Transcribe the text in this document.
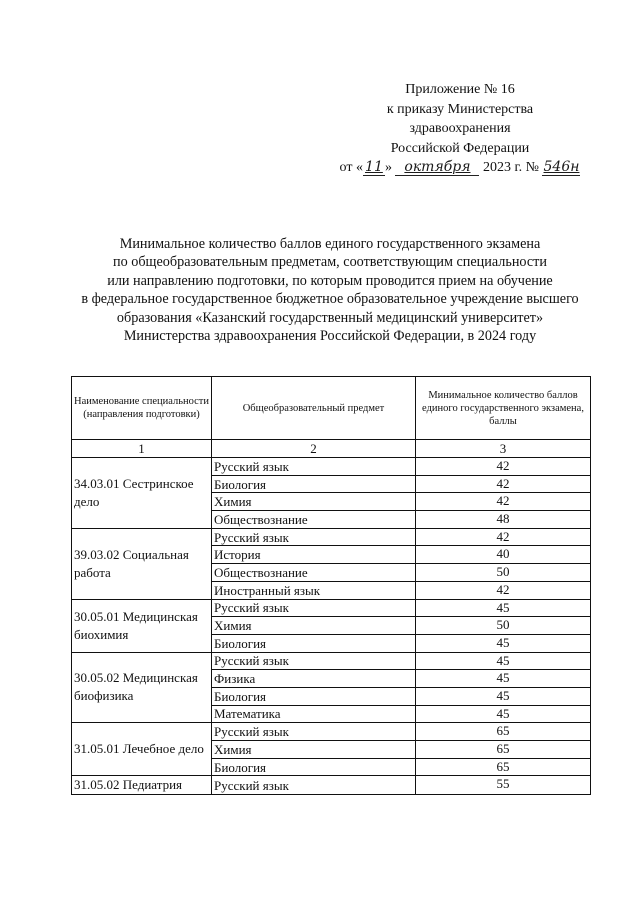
Приложение № 16
к приказу Министерства
здравоохранения
Российской Федерации
от « 11 » октября 2023 г. № 546н
Минимальное количество баллов единого государственного экзамена
по общеобразовательным предметам, соответствующим специальности
или направлению подготовки, по которым проводится прием на обучение
в федеральное государственное бюджетное образовательное учреждение высшего
образования «Казанский государственный медицинский университет»
Министерства здравоохранения Российской Федерации, в 2024 году
Наименование специальности (направления подготовки)	Общеобразовательный предмет	Минимальное количество баллов единого государственного экзамена, баллы
1	2	3
34.03.01 Сестринское дело	Русский язык	42
	Биология	42
	Химия	42
	Обществознание	48
39.03.02 Социальная работа	Русский язык	42
	История	40
	Обществознание	50
	Иностранный язык	42
30.05.01 Медицинская биохимия	Русский язык	45
	Химия	50
	Биология	45
30.05.02 Медицинская биофизика	Русский язык	45
	Физика	45
	Биология	45
	Математика	45
31.05.01 Лечебное дело	Русский язык	65
	Химия	65
	Биология	65
31.05.02 Педиатрия	Русский язык	55
